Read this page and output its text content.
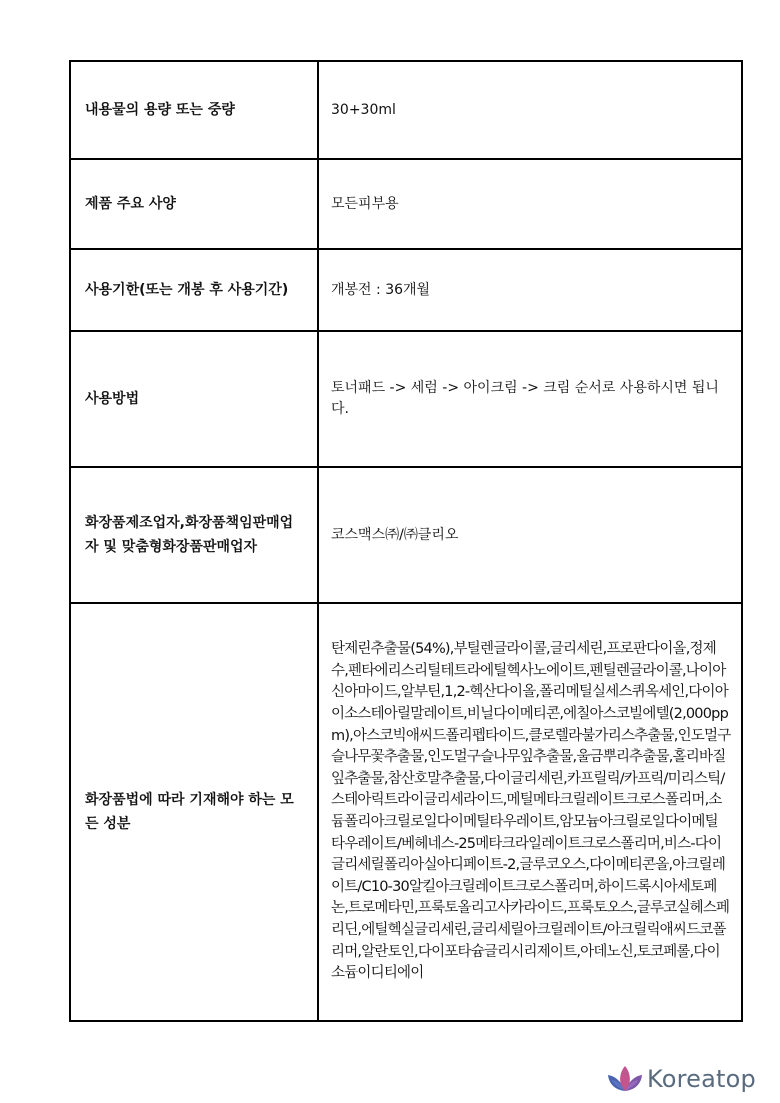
내용물의 용량 또는 중량	30+30ml
제품 주요 사양	모든피부용
사용기한(또는 개봉 후 사용기간)	개봉전 : 36개월
사용방법	토너패드 -> 세럼 -> 아이크림 -> 크림 순서로 사용하시면 됩니다.
화장품제조업자,화장품책임판매업자 및 맞춤형화장품판매업자	코스맥스㈜/㈜클리오
화장품법에 따라 기재해야 하는 모든 성분	탄제린추출물(54%),부틸렌글라이콜,글리세린,프로판다이올,정제수,펜타에리스리틸테트라에틸헥사노에이트,펜틸렌글라이콜,나이아신아마이드,알부틴,1,2-헥산다이올,폴리메틸실세스퀴옥세인,다이아이소스테아릴말레이트,비닐다이메티콘,에칠아스코빌에텔(2,000ppm),아스코빅애씨드폴리펩타이드,클로렐라불가리스추출물,인도멀구슬나무꽃추출물,인도멀구슬나무잎추출물,울금뿌리추출물,홀리바질잎추출물,참산호말추출물,다이글리세린,카프릴릭/카프릭/미리스틱/스테아릭트라이글리세라이드,메틸메타크릴레이트크로스폴리머,소듐폴리아크릴로일다이메틸타우레이트,암모늄아크릴로일다이메틸타우레이트/베헤네스-25메타크라일레이트크로스폴리머,비스-다이글리세릴폴리아실아디페이트-2,글루코오스,다이메티콘올,아크릴레이트/C10-30알킬아크릴레이트크로스폴리머,하이드록시아세토페논,트로메타민,프룩토올리고사카라이드,프룩토오스,글루코실헤스페리딘,에틸헥실글리세린,글리세릴아크릴레이트/아크릴릭애씨드코폴리머,알란토인,다이포타슘글리시리제이트,아데노신,토코페롤,다이소듐이디티에이
Koreatop
